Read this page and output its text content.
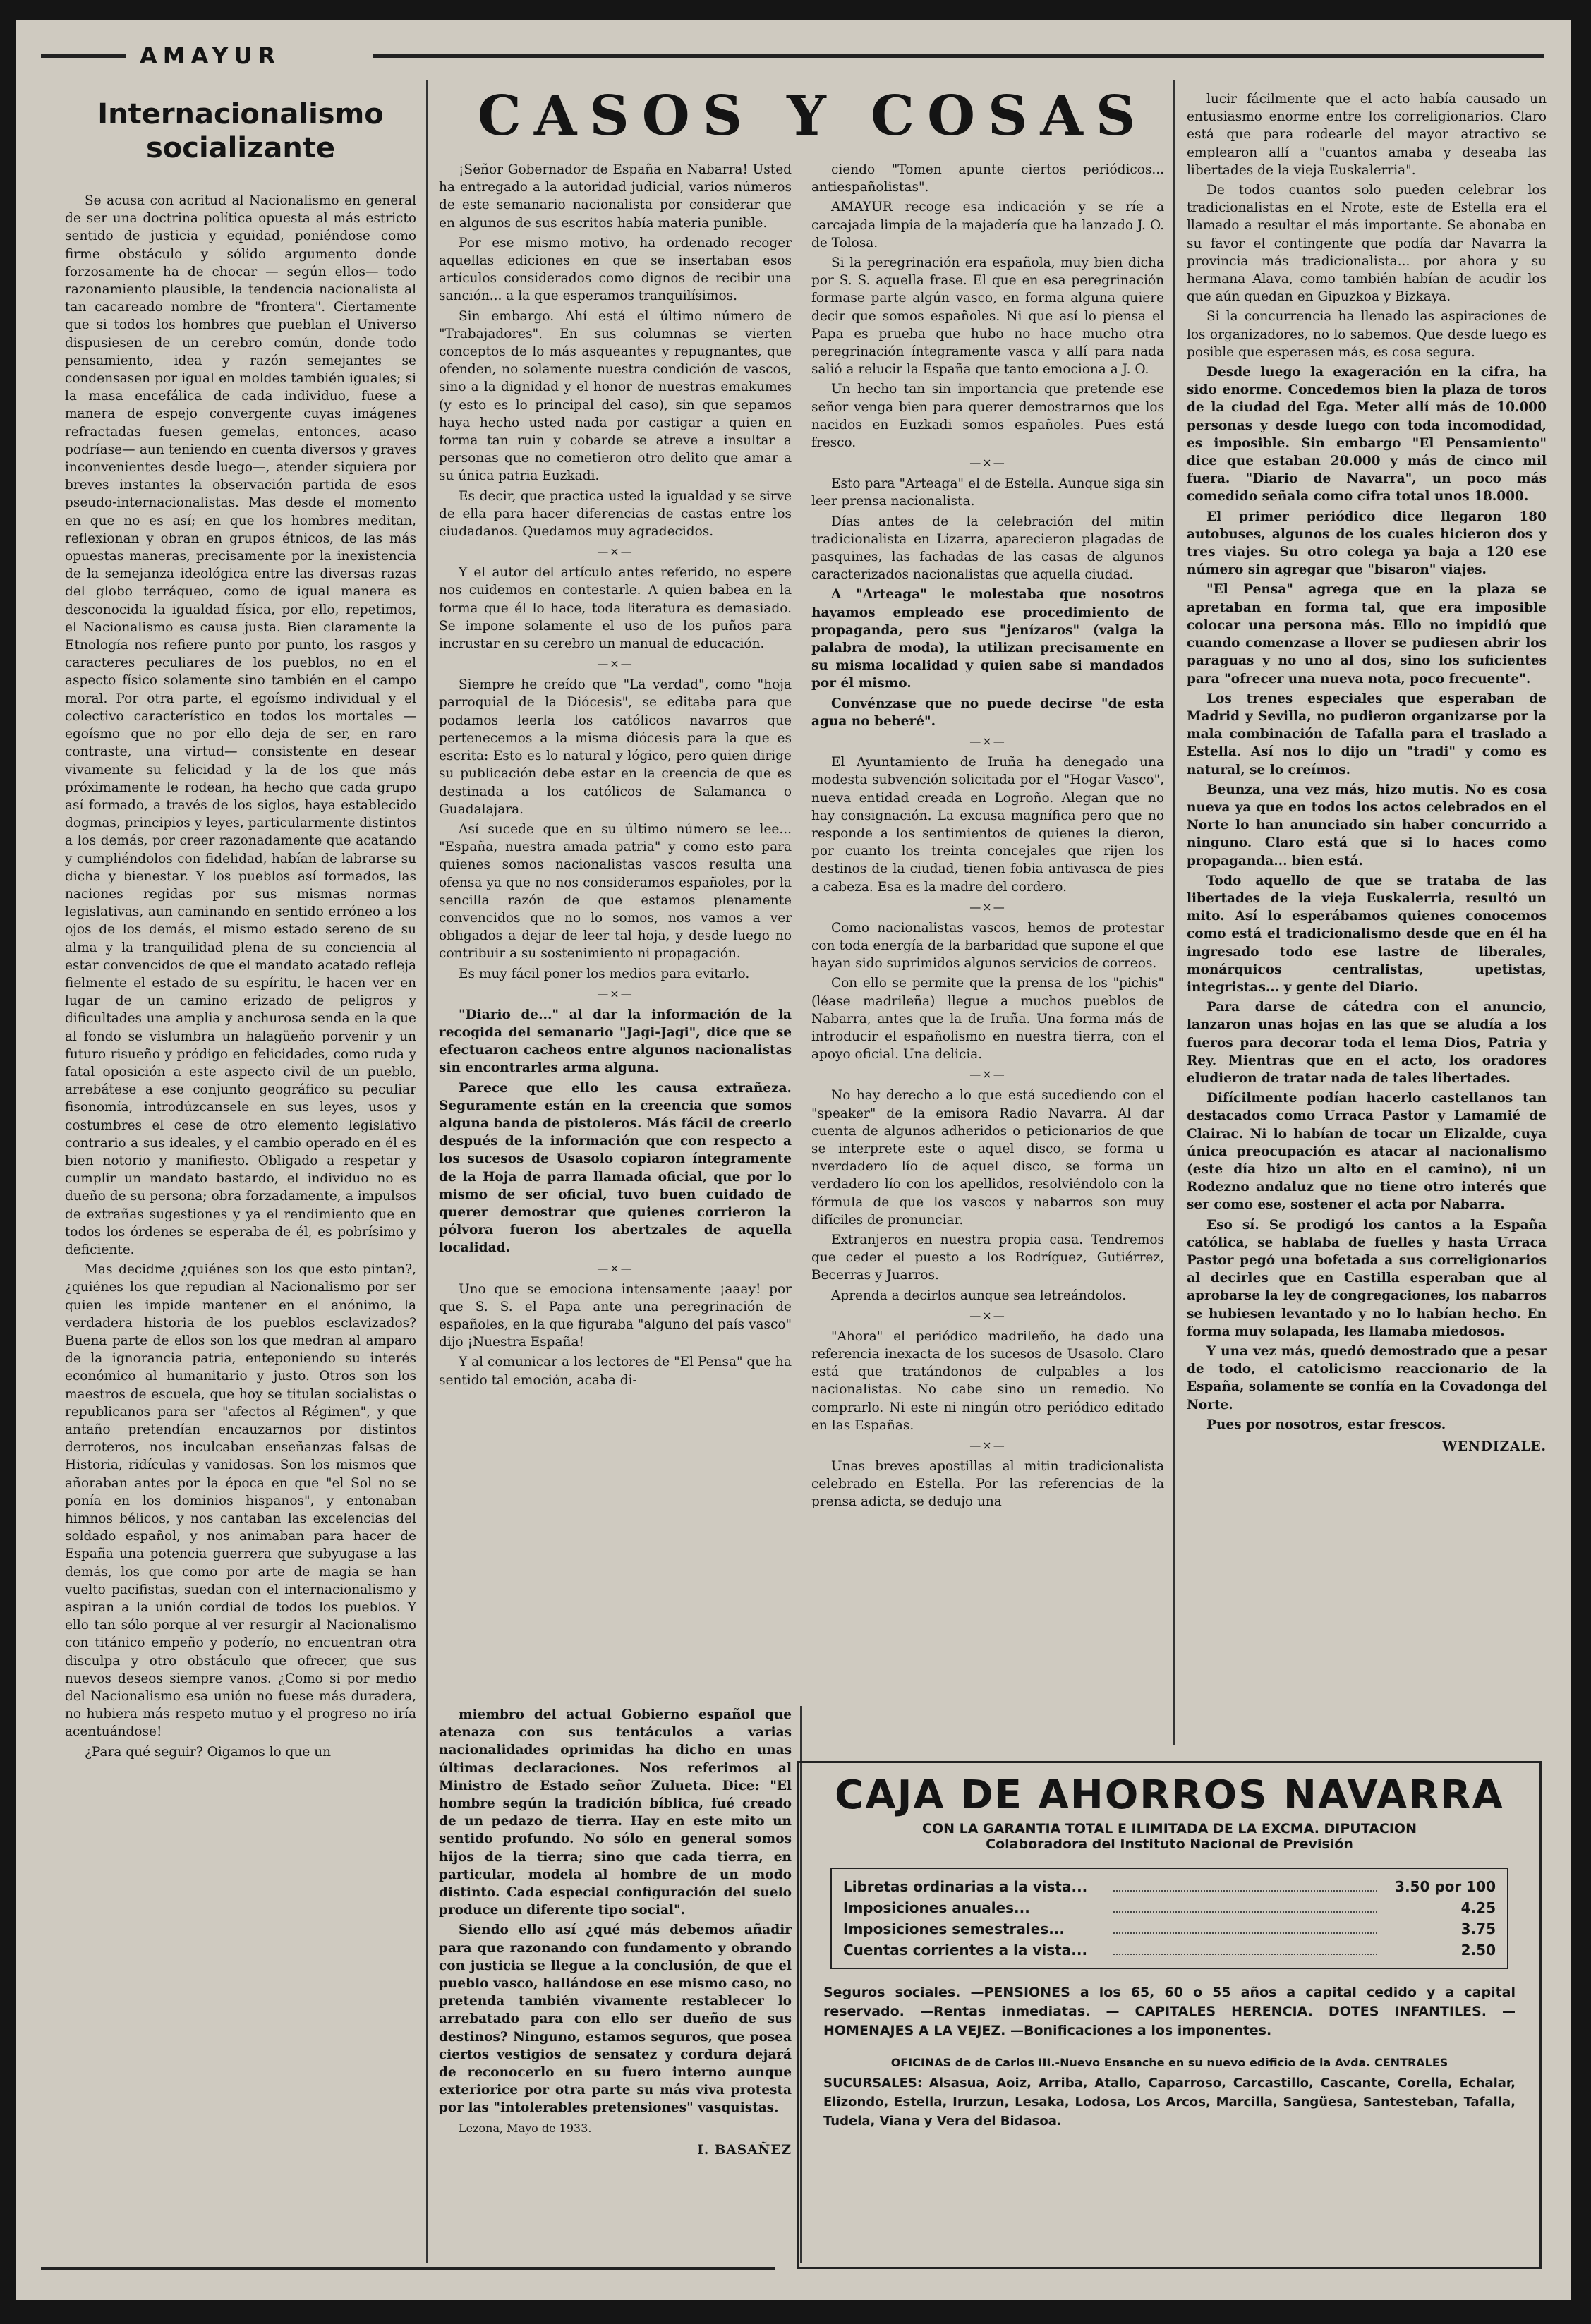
AMAYUR
Internacionalismo socializante

Se acusa con acritud al Nacionalismo en general de ser una doctrina política opuesta al más estricto sentido de justicia y equidad, poniéndose como firme obstáculo y sólido argumento donde forzosamente ha de chocar — según ellos— todo razonamiento plausible, la tendencia nacionalista al tan cacareado nombre de "frontera". Ciertamente que si todos los hombres que pueblan el Universo dispusiesen de un cerebro común, donde todo pensamiento, idea y razón semejantes se condensasen por igual en moldes también iguales; si la masa encefálica de cada individuo, fuese a manera de espejo convergente cuyas imágenes refractadas fuesen gemelas, entonces, acaso podríase— aun teniendo en cuenta diversos y graves inconvenientes desde luego—, atender siquiera por breves instantes la observación partida de esos pseudo-internacionalistas. Mas desde el momento en que no es así; en que los hombres meditan, reflexionan y obran en grupos étnicos, de las más opuestas maneras, precisamente por la inexistencia de la semejanza ideológica entre las diversas razas del globo terráqueo, como de igual manera es desconocida la igualdad física, por ello, repetimos, el Nacionalismo es causa justa. Bien claramente la Etnología nos refiere punto por punto, los rasgos y caracteres peculiares de los pueblos, no en el aspecto físico solamente sino también en el campo moral. Por otra parte, el egoísmo individual y el colectivo característico en todos los mortales — egoísmo que no por ello deja de ser, en raro contraste, una virtud— consistente en desear vivamente su felicidad y la de los que más próximamente le rodean, ha hecho que cada grupo así formado, a través de los siglos, haya establecido dogmas, principios y leyes, particularmente distintos a los demás, por creer razonadamente que acatando y cumpliéndolos con fidelidad, habían de labrarse su dicha y bienestar. Y los pueblos así formados, las naciones regidas por sus mismas normas legislativas, aun caminando en sentido erróneo a los ojos de los demás, el mismo estado sereno de su alma y la tranquilidad plena de su conciencia al estar convencidos de que el mandato acatado refleja fielmente el estado de su espíritu, le hacen ver en lugar de un camino erizado de peligros y dificultades una amplia y anchurosa senda en la que al fondo se vislumbra un halagüeño porvenir y un futuro risueño y pródigo en felicidades, como ruda y fatal oposición a este aspecto civil de un pueblo, arrebátese a ese conjunto geográfico su peculiar fisonomía, introdúzcansele en sus leyes, usos y costumbres el cese de otro elemento legislativo contrario a sus ideales, y el cambio operado en él es bien notorio y manifiesto. Obligado a respetar y cumplir un mandato bastardo, el individuo no es dueño de su persona; obra forzadamente, a impulsos de extrañas sugestiones y ya el rendimiento que en todos los órdenes se esperaba de él, es pobrísimo y deficiente.

Mas decidme ¿quiénes son los que esto pintan?, ¿quiénes los que repudian al Nacionalismo por ser quien les impide mantener en el anónimo, la verdadera historia de los pueblos esclavizados? Buena parte de ellos son los que medran al amparo de la ignorancia patria, enteponiendo su interés económico al humanitario y justo. Otros son los maestros de escuela, que hoy se titulan socialistas o republicanos para ser "afectos al Régimen", y que antaño pretendían encauzarnos por distintos derroteros, nos inculcaban enseñanzas falsas de Historia, ridículas y vanidosas. Son los mismos que añoraban antes por la época en que "el Sol no se ponía en los dominios hispanos", y entonaban himnos bélicos, y nos cantaban las excelencias del soldado español, y nos animaban para hacer de España una potencia guerrera que subyugase a las demás, los que como por arte de magia se han vuelto pacifistas, suedan con el internacionalismo y aspiran a la unión cordial de todos los pueblos. Y ello tan sólo porque al ver resurgir al Nacionalismo con titánico empeño y poderío, no encuentran otra disculpa y otro obstáculo que ofrecer, que sus nuevos deseos siempre vanos. ¿Como si por medio del Nacionalismo esa unión no fuese más duradera, no hubiera más respeto mutuo y el progreso no iría acentuándose!

¿Para qué seguir? Oigamos lo que un

CASOS Y COSAS

¡Señor Gobernador de España en Nabarra! Usted ha entregado a la autoridad judicial, varios números de este semanario nacionalista por considerar que en algunos de sus escritos había materia punible.

Por ese mismo motivo, ha ordenado recoger aquellas ediciones en que se insertaban esos artículos considerados como dignos de recibir una sanción... a la que esperamos tranquilísimos.

Sin embargo. Ahí está el último número de "Trabajadores". En sus columnas se vierten conceptos de lo más asqueantes y repugnantes, que ofenden, no solamente nuestra condición de vascos, sino a la dignidad y el honor de nuestras emakumes (y esto es lo principal del caso), sin que sepamos haya hecho usted nada por castigar a quien en forma tan ruin y cobarde se atreve a insultar a personas que no cometieron otro delito que amar a su única patria Euzkadi.

Es decir, que practica usted la igualdad y se sirve de ella para hacer diferencias de castas entre los ciudadanos. Quedamos muy agradecidos.

—×—

Y el autor del artículo antes referido, no espere nos cuidemos en contestarle. A quien babea en la forma que él lo hace, toda literatura es demasiado. Se impone solamente el uso de los puños para incrustar en su cerebro un manual de educación.

—×—

Siempre he creído que "La verdad", como "hoja parroquial de la Diócesis", se editaba para que podamos leerla los católicos navarros que pertenecemos a la misma diócesis para la que es escrita: Esto es lo natural y lógico, pero quien dirige su publicación debe estar en la creencia de que es destinada a los católicos de Salamanca o Guadalajara.

Así sucede que en su último número se lee... "España, nuestra amada patria" y como esto para quienes somos nacionalistas vascos resulta una ofensa ya que no nos consideramos españoles, por la sencilla razón de que estamos plenamente convencidos que no lo somos, nos vamos a ver obligados a dejar de leer tal hoja, y desde luego no contribuir a su sostenimiento ni propagación.

Es muy fácil poner los medios para evitarlo.

—×—

"Diario de..." al dar la información de la recogida del semanario "Jagi-Jagi", dice que se efectuaron cacheos entre algunos nacionalistas sin encontrarles arma alguna.

Parece que ello les causa extrañeza. Seguramente están en la creencia que somos alguna banda de pistoleros. Más fácil de creerlo después de la información que con respecto a los sucesos de Usasolo copiaron íntegramente de la Hoja de parra llamada oficial, que por lo mismo de ser oficial, tuvo buen cuidado de querer demostrar que quienes corrieron la pólvora fueron los abertzales de aquella localidad.

—×—

Uno que se emociona intensamente ¡aaay! por que S. S. el Papa ante una peregrinación de españoles, en la que figuraba "alguno del país vasco" dijo ¡Nuestra España!

Y al comunicar a los lectores de "El Pensa" que ha sentido tal emoción, acaba di-

miembro del actual Gobierno español que atenaza con sus tentáculos a varias nacionalidades oprimidas ha dicho en unas últimas declaraciones. Nos referimos al Ministro de Estado señor Zulueta. Dice: "El hombre según la tradición bíblica, fué creado de un pedazo de tierra. Hay en este mito un sentido profundo. No sólo en general somos hijos de la tierra; sino que cada tierra, en particular, modela al hombre de un modo distinto. Cada especial configuración del suelo produce un diferente tipo social".

Siendo ello así ¿qué más debemos añadir para que razonando con fundamento y obrando con justicia se llegue a la conclusión, de que el pueblo vasco, hallándose en ese mismo caso, no pretenda también vivamente restablecer lo arrebatado para con ello ser dueño de sus destinos? Ninguno, estamos seguros, que posea ciertos vestigios de sensatez y cordura dejará de reconocerlo en su fuero interno aunque exteriorice por otra parte su más viva protesta por las "intolerables pretensiones" vasquistas.

Lezona, Mayo de 1933.

I. BASAÑEZ

ciendo "Tomen apunte ciertos periódicos... antiespañolistas".

AMAYUR recoge esa indicación y se ríe a carcajada limpia de la majadería que ha lanzado J. O. de Tolosa.

Si la peregrinación era española, muy bien dicha por S. S. aquella frase. El que en esa peregrinación formase parte algún vasco, en forma alguna quiere decir que somos españoles. Ni que así lo piensa el Papa es prueba que hubo no hace mucho otra peregrinación íntegramente vasca y allí para nada salió a relucir la España que tanto emociona a J. O.

Un hecho tan sin importancia que pretende ese señor venga bien para querer demostrarnos que los nacidos en Euzkadi somos españoles. Pues está fresco.

—×—

Esto para "Arteaga" el de Estella. Aunque siga sin leer prensa nacionalista.

Días antes de la celebración del mitin tradicionalista en Lizarra, aparecieron plagadas de pasquines, las fachadas de las casas de algunos caracterizados nacionalistas que aquella ciudad.

A "Arteaga" le molestaba que nosotros hayamos empleado ese procedimiento de propaganda, pero sus "jenízaros" (valga la palabra de moda), la utilizan precisamente en su misma localidad y quien sabe si mandados por él mismo.

Convénzase que no puede decirse "de esta agua no beberé".

—×—

El Ayuntamiento de Iruña ha denegado una modesta subvención solicitada por el "Hogar Vasco", nueva entidad creada en Logroño. Alegan que no hay consignación. La excusa magnífica pero que no responde a los sentimientos de quienes la dieron, por cuanto los treinta concejales que rijen los destinos de la ciudad, tienen fobia antivasca de pies a cabeza. Esa es la madre del cordero.

—×—

Como nacionalistas vascos, hemos de protestar con toda energía de la barbaridad que supone el que hayan sido suprimidos algunos servicios de correos.

Con ello se permite que la prensa de los "pichis" (léase madrileña) llegue a muchos pueblos de Nabarra, antes que la de Iruña. Una forma más de introducir el españolismo en nuestra tierra, con el apoyo oficial. Una delicia.

—×—

No hay derecho a lo que está sucediendo con el "speaker" de la emisora Radio Navarra. Al dar cuenta de algunos adheridos o peticionarios de que se interprete este o aquel disco, se forma u nverdadero lío de aquel disco, se forma un verdadero lío con los apellidos, resolviéndolo con la fórmula de que los vascos y nabarros son muy difíciles de pronunciar.

Extranjeros en nuestra propia casa. Tendremos que ceder el puesto a los Rodríguez, Gutiérrez, Becerras y Juarros.

Aprenda a decirlos aunque sea letreándolos.

—×—

"Ahora" el periódico madrileño, ha dado una referencia inexacta de los sucesos de Usasolo. Claro está que tratándonos de culpables a los nacionalistas. No cabe sino un remedio. No comprarlo. Ni este ni ningún otro periódico editado en las Españas.

—×—

Unas breves apostillas al mitin tradicionalista celebrado en Estella. Por las referencias de la prensa adicta, se dedujo una

lucir fácilmente que el acto había causado un entusiasmo enorme entre los correligionarios. Claro está que para rodearle del mayor atractivo se emplearon allí a "cuantos amaba y deseaba las libertades de la vieja Euskalerria".

De todos cuantos solo pueden celebrar los tradicionalistas en el Nrote, este de Estella era el llamado a resultar el más importante. Se abonaba en su favor el contingente que podía dar Navarra la provincia más tradicionalista... por ahora y su hermana Alava, como también habían de acudir los que aún quedan en Gipuzkoa y Bizkaya.

Si la concurrencia ha llenado las aspiraciones de los organizadores, no lo sabemos. Que desde luego es posible que esperasen más, es cosa segura.

Desde luego la exageración en la cifra, ha sido enorme. Concedemos bien la plaza de toros de la ciudad del Ega. Meter allí más de 10.000 personas y desde luego con toda incomodidad, es imposible. Sin embargo "El Pensamiento" dice que estaban 20.000 y más de cinco mil fuera. "Diario de Navarra", un poco más comedido señala como cifra total unos 18.000.

El primer periódico dice llegaron 180 autobuses, algunos de los cuales hicieron dos y tres viajes. Su otro colega ya baja a 120 ese número sin agregar que "bisaron" viajes.

"El Pensa" agrega que en la plaza se apretaban en forma tal, que era imposible colocar una persona más. Ello no impidió que cuando comenzase a llover se pudiesen abrir los paraguas y no uno al dos, sino los suficientes para "ofrecer una nueva nota, poco frecuente".

Los trenes especiales que esperaban de Madrid y Sevilla, no pudieron organizarse por la mala combinación de Tafalla para el traslado a Estella. Así nos lo dijo un "tradi" y como es natural, se lo creímos.

Beunza, una vez más, hizo mutis. No es cosa nueva ya que en todos los actos celebrados en el Norte lo han anunciado sin haber concurrido a ninguno. Claro está que si lo haces como propaganda... bien está.

Todo aquello de que se trataba de las libertades de la vieja Euskalerria, resultó un mito. Así lo esperábamos quienes conocemos como está el tradicionalismo desde que en él ha ingresado todo ese lastre de liberales, monárquicos centralistas, upetistas, integristas... y gente del Diario.

Para darse de cátedra con el anuncio, lanzaron unas hojas en las que se aludía a los fueros para decorar toda el lema Dios, Patria y Rey. Mientras que en el acto, los oradores eludieron de tratar nada de tales libertades.

Difícilmente podían hacerlo castellanos tan destacados como Urraca Pastor y Lamamié de Clairac. Ni lo habían de tocar un Elizalde, cuya única preocupación es atacar al nacionalismo (este día hizo un alto en el camino), ni un Rodezno andaluz que no tiene otro interés que ser como ese, sostener el acta por Nabarra.

Eso sí. Se prodigó los cantos a la España católica, se hablaba de fuelles y hasta Urraca Pastor pegó una bofetada a sus correligionarios al decirles que en Castilla esperaban que al aprobarse la ley de congregaciones, los nabarros se hubiesen levantado y no lo habían hecho. En forma muy solapada, les llamaba miedosos.

Y una vez más, quedó demostrado que a pesar de todo, el catolicismo reaccionario de la España, solamente se confía en la Covadonga del Norte.

Pues por nosotros, estar frescos.

WENDIZALE.

CAJA DE AHORROS NAVARRA
CON LA GARANTIA TOTAL E ILIMITADA DE LA EXCMA. DIPUTACION
Colaboradora del Instituto Nacional de Previsión
Libretas ordinarias a la vista...	3.50 por 100
Imposiciones anuales...	4.25
Imposiciones semestrales...	3.75
Cuentas corrientes a la vista...	2.50
Seguros sociales. —PENSIONES a los 65, 60 o 55 años a capital cedido y a capital reservado. —Rentas inmediatas. — CAPITALES HERENCIA. DOTES INFANTILES. — HOMENAJES A LA VEJEZ. —Bonificaciones a los imponentes.
OFICINAS de de Carlos III.-Nuevo Ensanche en su nuevo edificio de la Avda. CENTRALES
SUCURSALES: Alsasua, Aoiz, Arriba, Atallo, Caparroso, Carcastillo, Cascante, Corella, Echalar, Elizondo, Estella, Irurzun, Lesaka, Lodosa, Los Arcos, Marcilla, Sangüesa, Santesteban, Tafalla, Tudela, Viana y Vera del Bidasoa.
